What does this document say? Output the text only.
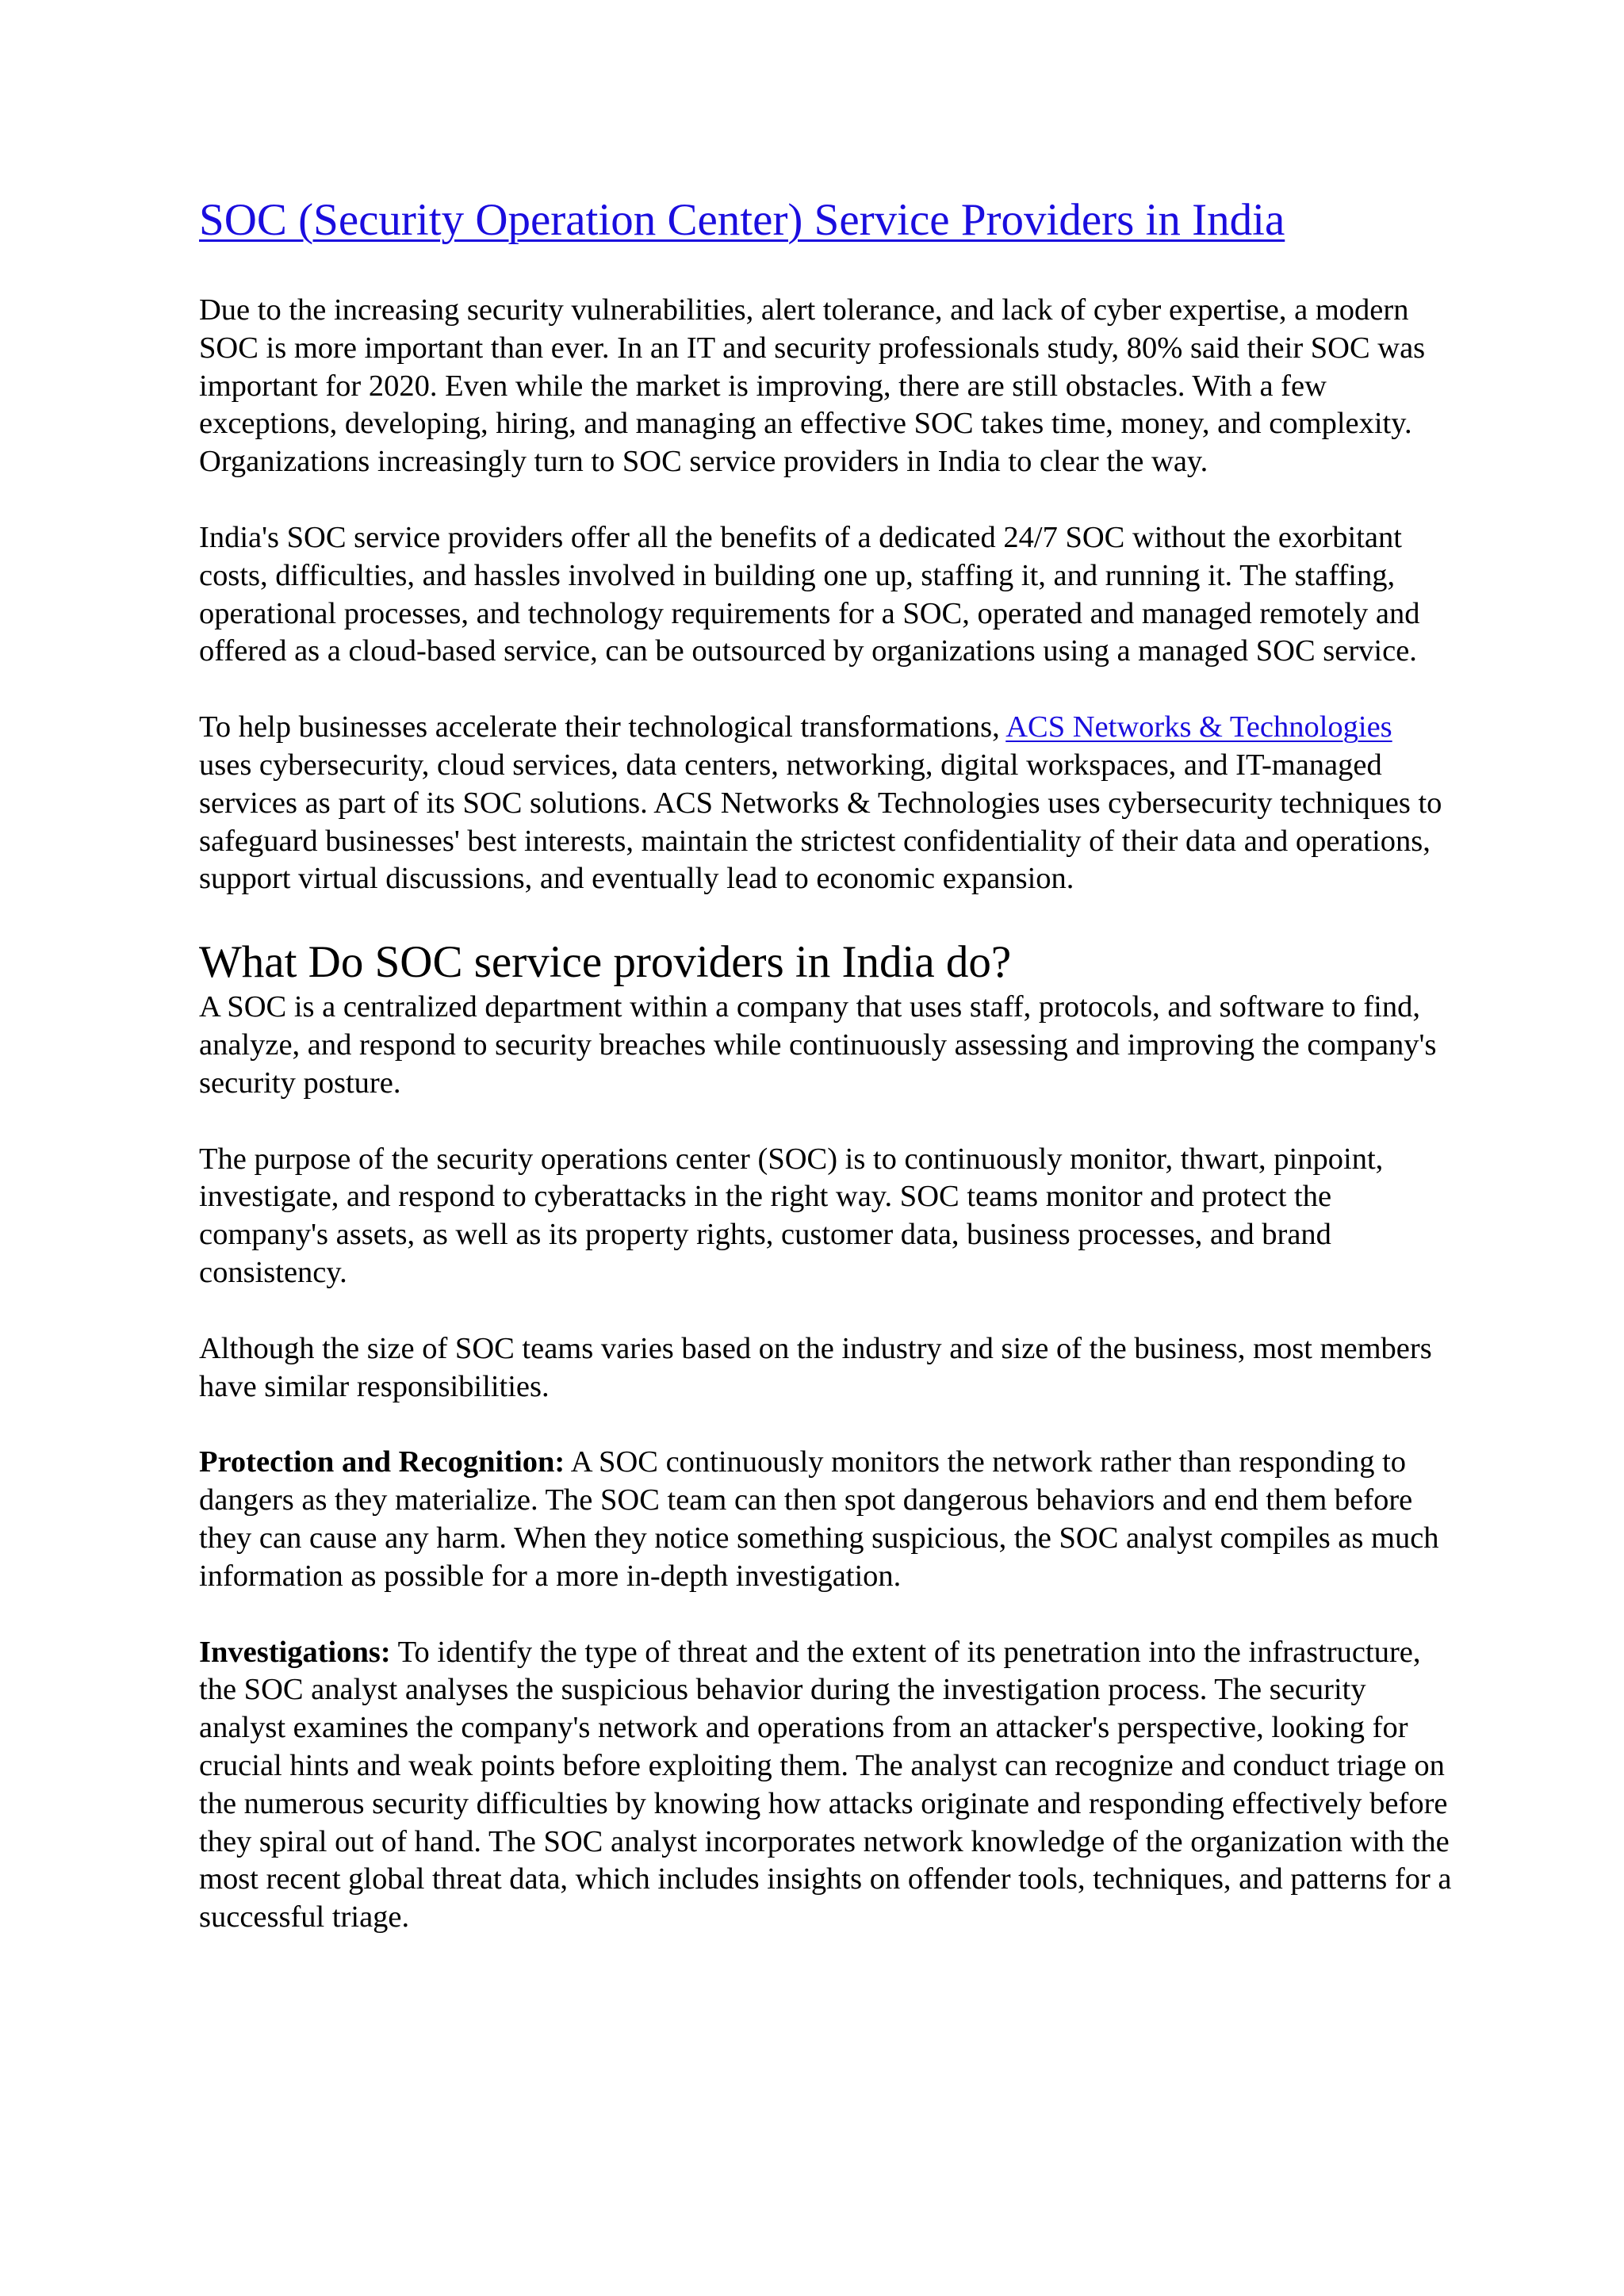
SOC (Security Operation Center) Service Providers in India

Due to the increasing security vulnerabilities, alert tolerance, and lack of cyber expertise, a modern SOC is more important than ever. In an IT and security professionals study, 80% said their SOC was important for 2020. Even while the market is improving, there are still obstacles. With a few exceptions, developing, hiring, and managing an effective SOC takes time, money, and complexity. Organizations increasingly turn to SOC service providers in India to clear the way.

India's SOC service providers offer all the benefits of a dedicated 24/7 SOC without the exorbitant costs, difficulties, and hassles involved in building one up, staffing it, and running it. The staffing, operational processes, and technology requirements for a SOC, operated and managed remotely and offered as a cloud-based service, can be outsourced by organizations using a managed SOC service.

To help businesses accelerate their technological transformations, ACS Networks & Technologies uses cybersecurity, cloud services, data centers, networking, digital workspaces, and IT-managed services as part of its SOC solutions. ACS Networks & Technologies uses cybersecurity techniques to safeguard businesses' best interests, maintain the strictest confidentiality of their data and operations, support virtual discussions, and eventually lead to economic expansion.

What Do SOC service providers in India do?

A SOC is a centralized department within a company that uses staff, protocols, and software to find, analyze, and respond to security breaches while continuously assessing and improving the company's security posture.

The purpose of the security operations center (SOC) is to continuously monitor, thwart, pinpoint, investigate, and respond to cyberattacks in the right way. SOC teams monitor and protect the company's assets, as well as its property rights, customer data, business processes, and brand consistency.

Although the size of SOC teams varies based on the industry and size of the business, most members have similar responsibilities.

Protection and Recognition: A SOC continuously monitors the network rather than responding to dangers as they materialize. The SOC team can then spot dangerous behaviors and end them before they can cause any harm. When they notice something suspicious, the SOC analyst compiles as much information as possible for a more in-depth investigation.

Investigations: To identify the type of threat and the extent of its penetration into the infrastructure, the SOC analyst analyses the suspicious behavior during the investigation process. The security analyst examines the company's network and operations from an attacker's perspective, looking for crucial hints and weak points before exploiting them. The analyst can recognize and conduct triage on the numerous security difficulties by knowing how attacks originate and responding effectively before they spiral out of hand. The SOC analyst incorporates network knowledge of the organization with the most recent global threat data, which includes insights on offender tools, techniques, and patterns for a successful triage.
